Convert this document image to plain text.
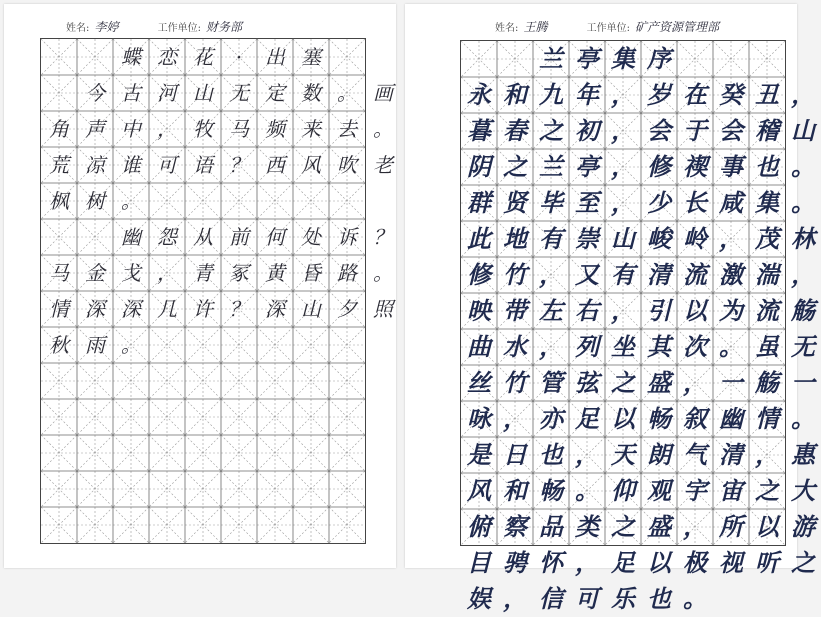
姓名: 李婷	工作单位: 财务部
蝶 恋 花	·	出 塞
今 古 河 山 无 定 数 。 画
角 声 中 ， 牧 马 频 来 去 。
荒 凉 谁 可 语 ？ 西 风 吹 老
枫 树 。
幽 怨 从 前 何 处 诉 ？
马 金 戈 ， 青 冢 黄 昏 路 。
情 深 深 几 许 ？ 深 山 夕 照
秋 雨 。
姓名: 王腾	工作单位: 矿产资源管理部
兰 亭 集 序
永 和 九 年 ， 岁 在 癸 丑 ，
暮 春 之 初 ， 会 于 会 稽 山
阴 之 兰 亭 ， 修 禊 事 也 。
群 贤 毕 至 ， 少 长 咸 集 。
此 地 有 崇 山 峻 岭 ， 茂 林
修 竹 ， 又 有 清 流 激 湍 ，
映 带 左 右 ， 引 以 为 流 觞
曲 水 ， 列 坐 其 次 。 虽 无
丝 竹 管 弦 之 盛 ， 一 觞 一
咏 ， 亦 足 以 畅 叙 幽 情 。
是 日 也 ， 天 朗 气 清 ， 惠
风 和 畅 。 仰 观 宇 宙 之 大
俯 察 品 类 之 盛 ， 所 以 游
目 骋 怀 ， 足 以 极 视 听 之
娱 ， 信 可 乐 也 。
